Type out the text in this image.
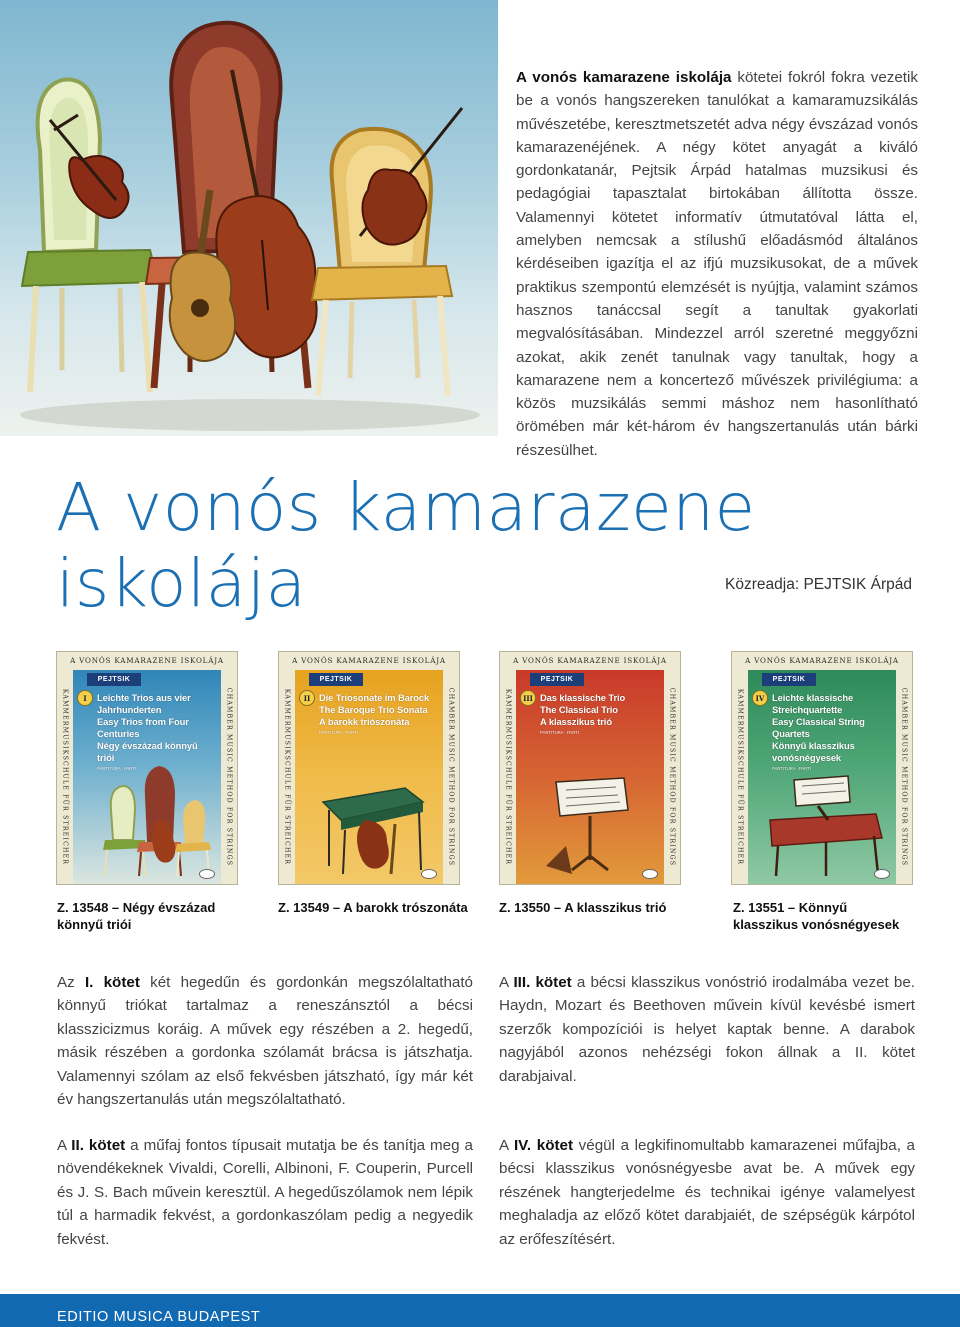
A vonós kamarazene iskolája kötetei fokról fokra vezetik be a vonós hangszereken tanulókat a kamaramuzsikálás művészetébe, keresztmetszetét adva négy évszázad vonós kamarazenéjének. A négy kötet anyagát a kiváló gordonkatanár, Pejtsik Árpád hatalmas muzsikusi és pedagógiai tapasztalat birtokában állította össze. Valamennyi kötetet informatív útmutatóval látta el, amelyben nemcsak a stílushű előadásmód általános kérdéseiben igazítja el az ifjú muzsikusokat, de a művek praktikus szempontú elemzését is nyújtja, valamint számos hasznos tanáccsal segít a tanultak gyakorlati megvalósításában. Mindezzel arról szeretné meggyőzni azokat, akik zenét tanulnak vagy tanultak, hogy a kamarazene nem a koncertező művészek privilégiuma: a közös muzsikálás semmi máshoz nem hasonlítható örömében már két-három év hangszertanulás után bárki részesülhet.

A vonós kamarazene
iskolája	Közreadja: PEJTSIK Árpád
A VONÓS KAMARAZENE ISKOLÁJA
KAMMERMUSIKSCHULE FÜR STREICHER	CHAMBER MUSIC METHOD FOR STRINGS
PEJTSIK
I	Leichte Trios aus vier Jahrhunderten
Easy Trios from Four Centuries
Négy évszázad könnyű triói
PARTITURA · PARTI
A VONÓS KAMARAZENE ISKOLÁJA
KAMMERMUSIKSCHULE FÜR STREICHER	CHAMBER MUSIC METHOD FOR STRINGS
PEJTSIK
II Die Triosonate im Barock
The Baroque Trio Sonata
A barokk triószonáta
PARTITURA · PARTI
A VONÓS KAMARAZENE ISKOLÁJA
KAMMERMUSIKSCHULE FÜR STREICHER	CHAMBER MUSIC METHOD FOR STRINGS
PEJTSIK
III Das klassische Trio
The Classical Trio
A klasszikus trió
PARTITURA · PARTI
A VONÓS KAMARAZENE ISKOLÁJA
KAMMERMUSIKSCHULE FÜR STREICHER	CHAMBER MUSIC METHOD FOR STRINGS
PEJTSIK
IV Leichte klassische Streichquartette
Easy Classical String Quartets
Könnyű klasszikus vonósnégyesek
PARTITURA · PARTI
Z. 13548 – Négy évszázad
könnyű triói
Z. 13549 – A barokk trószonáta	Z. 13550 – A klasszikus trió	Z. 13551 – Könnyű
klasszikus vonósnégyesek

Az I. kötet két hegedűn és gordonkán megszólaltatható könnyű triókat tartalmaz a reneszánsztól a bécsi klasszicizmus koráig. A művek egy részében a 2. hegedű, másik részében a gordonka szólamát brácsa is játszhatja. Valamennyi szólam az első fekvésben játszható, így már két év hangszertanulás után megszólaltatható.

A III. kötet a bécsi klasszikus vonóstrió irodalmába vezet be. Haydn, Mozart és Beethoven művein kívül kevésbé ismert szerzők kompozíciói is helyet kaptak benne. A darabok nagyjából azonos nehézségi fokon állnak a II. kötet darabjaival.

A II. kötet a műfaj fontos típusait mutatja be és tanítja meg a növendékeknek Vivaldi, Corelli, Albinoni, F. Couperin, Purcell és J. S. Bach művein keresztül. A hegedűszólamok nem lépik túl a harmadik fekvést, a gordonkaszólam pedig a negyedik fekvést.

A IV. kötet végül a legkifinomultabb kamarazenei műfajba, a bécsi klasszikus vonósnégyesbe avat be. A művek egy részének hangterjedelme és technikai igénye valamelyest meghaladja az előző kötet darabjaiét, de szépségük kárpótol az erőfeszítésért.

EDITIO MUSICA BUDAPEST
